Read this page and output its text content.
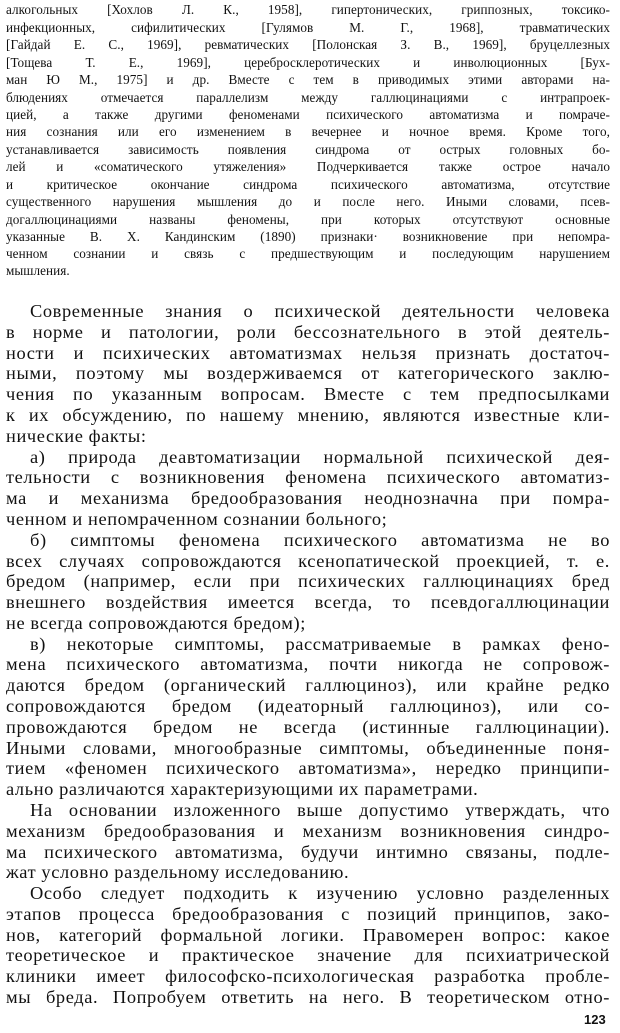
алкогольных [Хохлов Л. К., 1958], гипертонических, гриппозных, токсико-
инфекционных, сифилитических [Гулямов М. Г., 1968], травматических
[Гайдай Е. С., 1969], ревматических [Полонская З. В., 1969], бруцеллезных
[Тощева Т. Е., 1969], церебросклеротических и инволюционных [Бух-
ман Ю М., 1975] и др. Вместе с тем в приводимых этими авторами на-
блюдениях отмечается параллелизм между галлюцинациями с интрапроек-
цией, а также другими феноменами психического автоматизма и помраче-
ния сознания или его изменением в вечернее и ночное время. Кроме того,
устанавливается зависимость появления синдрома от острых головных бо-
лей и «соматического утяжеления» Подчеркивается также острое начало
и критическое окончание синдрома психического автоматизма, отсутствие
существенного нарушения мышления до и после него. Иными словами, псев-
догаллюцинациями названы феномены, при которых отсутствуют основные
указанные В. Х. Кандинским (1890) признаки· возникновение при непомра-
ченном сознании и связь с предшествующим и последующим нарушением
мышления.
Современные знания о психической деятельности человека
в норме и патологии, роли бессознательного в этой деятель-
ности и психических автоматизмах нельзя признать достаточ-
ными, поэтому мы воздерживаемся от категорического заклю-
чения по указанным вопросам. Вместе с тем предпосылками
к их обсуждению, по нашему мнению, являются известные кли-
нические факты:
а) природа деавтоматизации нормальной психической дея-
тельности с возникновения феномена психического автоматиз-
ма и механизма бредообразования неоднозначна при помра-
ченном и непомраченном сознании больного;
б) симптомы феномена психического автоматизма не во
всех случаях сопровождаются ксенопатической проекцией, т. е.
бредом (например, если при психических галлюцинациях бред
внешнего воздействия имеется всегда, то псевдогаллюцинации
не всегда сопровождаются бредом);
в) некоторые симптомы, рассматриваемые в рамках фено-
мена психического автоматизма, почти никогда не сопровож-
даются бредом (органический галлюциноз), или крайне редко
сопровождаются бредом (идеаторный галлюциноз), или со-
провождаются бредом не всегда (истинные галлюцинации).
Иными словами, многообразные симптомы, объединенные поня-
тием «феномен психического автоматизма», нередко принципи-
ально различаются характеризующими их параметрами.
На основании изложенного выше допустимо утверждать, что
механизм бредообразования и механизм возникновения синдро-
ма психического автоматизма, будучи интимно связаны, подле-
жат условно раздельному исследованию.
Особо следует подходить к изучению условно разделенных
этапов процесса бредообразования с позиций принципов, зако-
нов, категорий формальной логики. Правомерен вопрос: какое
теоретическое и практическое значение для психиатрической
клиники имеет философско-психологическая разработка пробле-
мы бреда. Попробуем ответить на него. В теоретическом отно-
123
